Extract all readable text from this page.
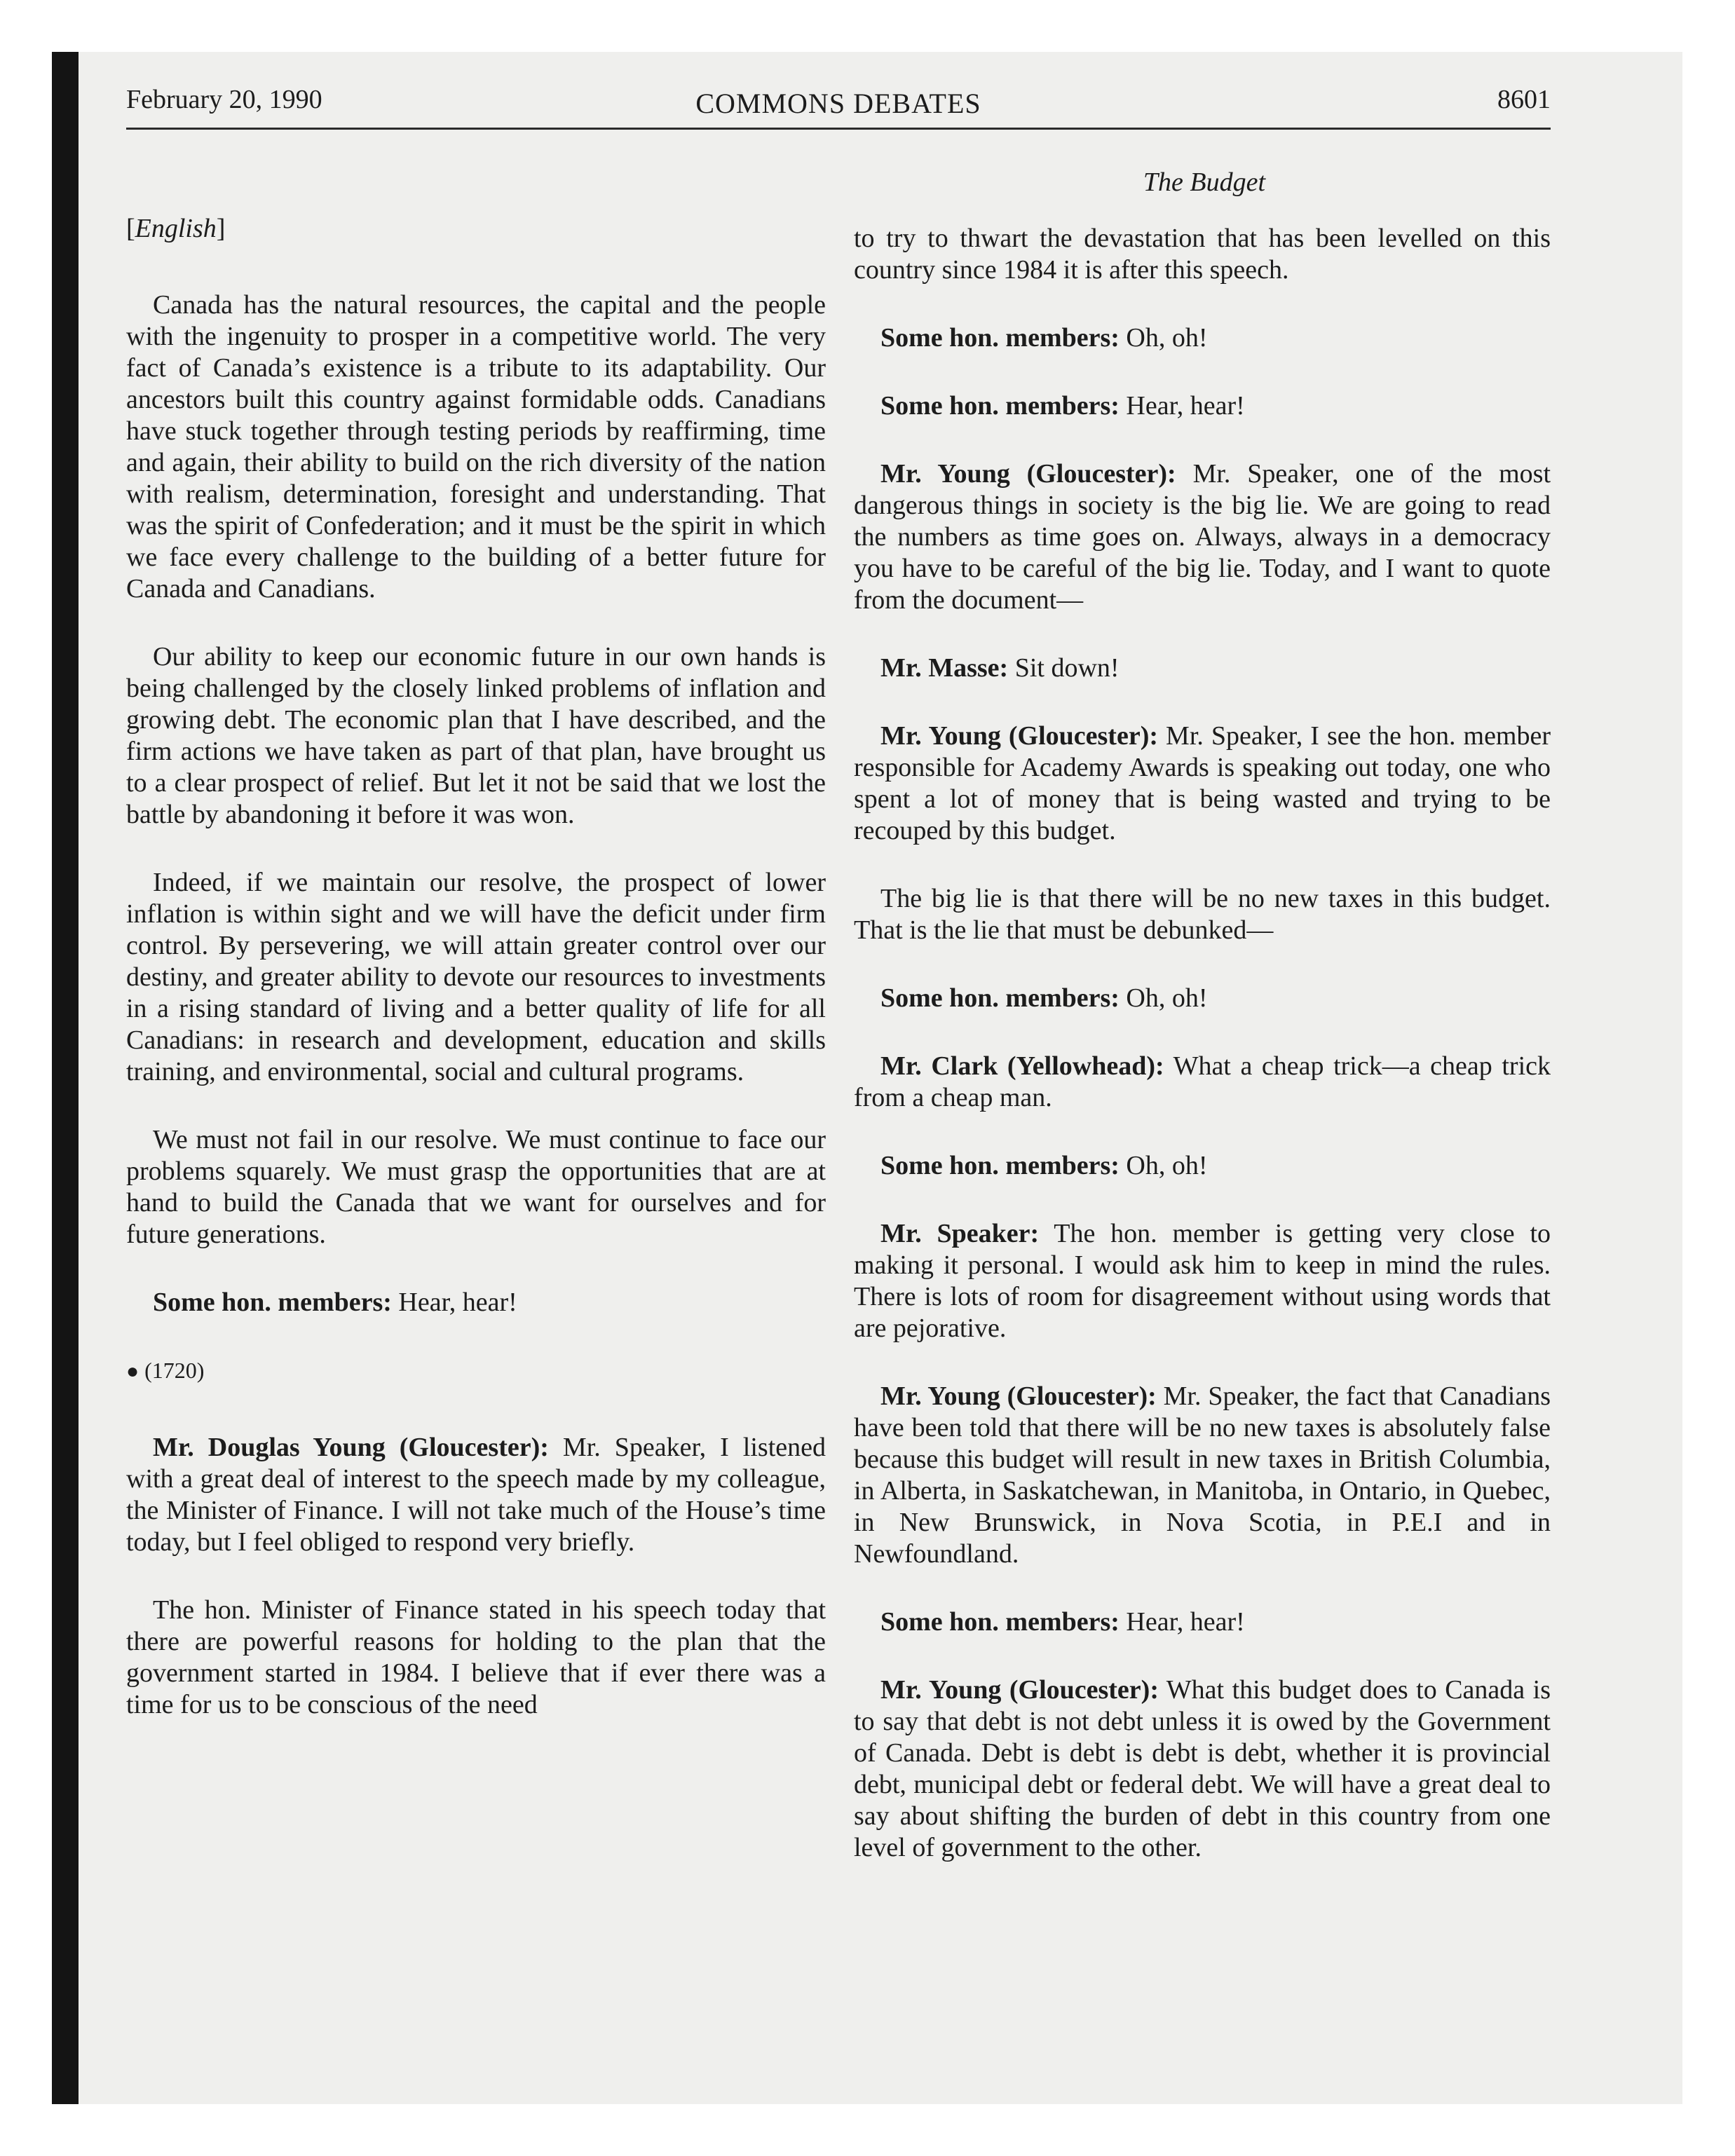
February 20, 1990	COMMONS DEBATES	8601
The Budget

[English]

Canada has the natural resources, the capital and the people with the ingenuity to prosper in a competitive world. The very fact of Canada’s existence is a tribute to its adaptability. Our ancestors built this country against formidable odds. Canadians have stuck together through testing periods by reaffirming, time and again, their ability to build on the rich diversity of the nation with realism, determination, foresight and understanding. That was the spirit of Confederation; and it must be the spirit in which we face every challenge to the building of a better future for Canada and Canadians.

Our ability to keep our economic future in our own hands is being challenged by the closely linked problems of inflation and growing debt. The economic plan that I have described, and the firm actions we have taken as part of that plan, have brought us to a clear prospect of relief. But let it not be said that we lost the battle by abandoning it before it was won.

Indeed, if we maintain our resolve, the prospect of lower inflation is within sight and we will have the deficit under firm control. By persevering, we will attain greater control over our destiny, and greater ability to devote our resources to investments in a rising standard of living and a better quality of life for all Canadians: in research and development, education and skills training, and environmental, social and cultural programs.

We must not fail in our resolve. We must continue to face our problems squarely. We must grasp the opportunities that are at hand to build the Canada that we want for ourselves and for future generations.

Some hon. members: Hear, hear!

● (1720)

Mr. Douglas Young (Gloucester): Mr. Speaker, I listened with a great deal of interest to the speech made by my colleague, the Minister of Finance. I will not take much of the House’s time today, but I feel obliged to respond very briefly.

The hon. Minister of Finance stated in his speech today that there are powerful reasons for holding to the plan that the government started in 1984. I believe that if ever there was a time for us to be conscious of the need

to try to thwart the devastation that has been levelled on this country since 1984 it is after this speech.

Some hon. members: Oh, oh!

Some hon. members: Hear, hear!

Mr. Young (Gloucester): Mr. Speaker, one of the most dangerous things in society is the big lie. We are going to read the numbers as time goes on. Always, always in a democracy you have to be careful of the big lie. Today, and I want to quote from the document—

Mr. Masse: Sit down!

Mr. Young (Gloucester): Mr. Speaker, I see the hon. member responsible for Academy Awards is speaking out today, one who spent a lot of money that is being wasted and trying to be recouped by this budget.

The big lie is that there will be no new taxes in this budget. That is the lie that must be debunked—

Some hon. members: Oh, oh!

Mr. Clark (Yellowhead): What a cheap trick—a cheap trick from a cheap man.

Some hon. members: Oh, oh!

Mr. Speaker: The hon. member is getting very close to making it personal. I would ask him to keep in mind the rules. There is lots of room for disagreement without using words that are pejorative.

Mr. Young (Gloucester): Mr. Speaker, the fact that Canadians have been told that there will be no new taxes is absolutely false because this budget will result in new taxes in British Columbia, in Alberta, in Saskatchewan, in Manitoba, in Ontario, in Quebec, in New Brunswick, in Nova Scotia, in P.E.I and in Newfoundland.

Some hon. members: Hear, hear!

Mr. Young (Gloucester): What this budget does to Canada is to say that debt is not debt unless it is owed by the Government of Canada. Debt is debt is debt is debt, whether it is provincial debt, municipal debt or federal debt. We will have a great deal to say about shifting the burden of debt in this country from one level of government to the other.
